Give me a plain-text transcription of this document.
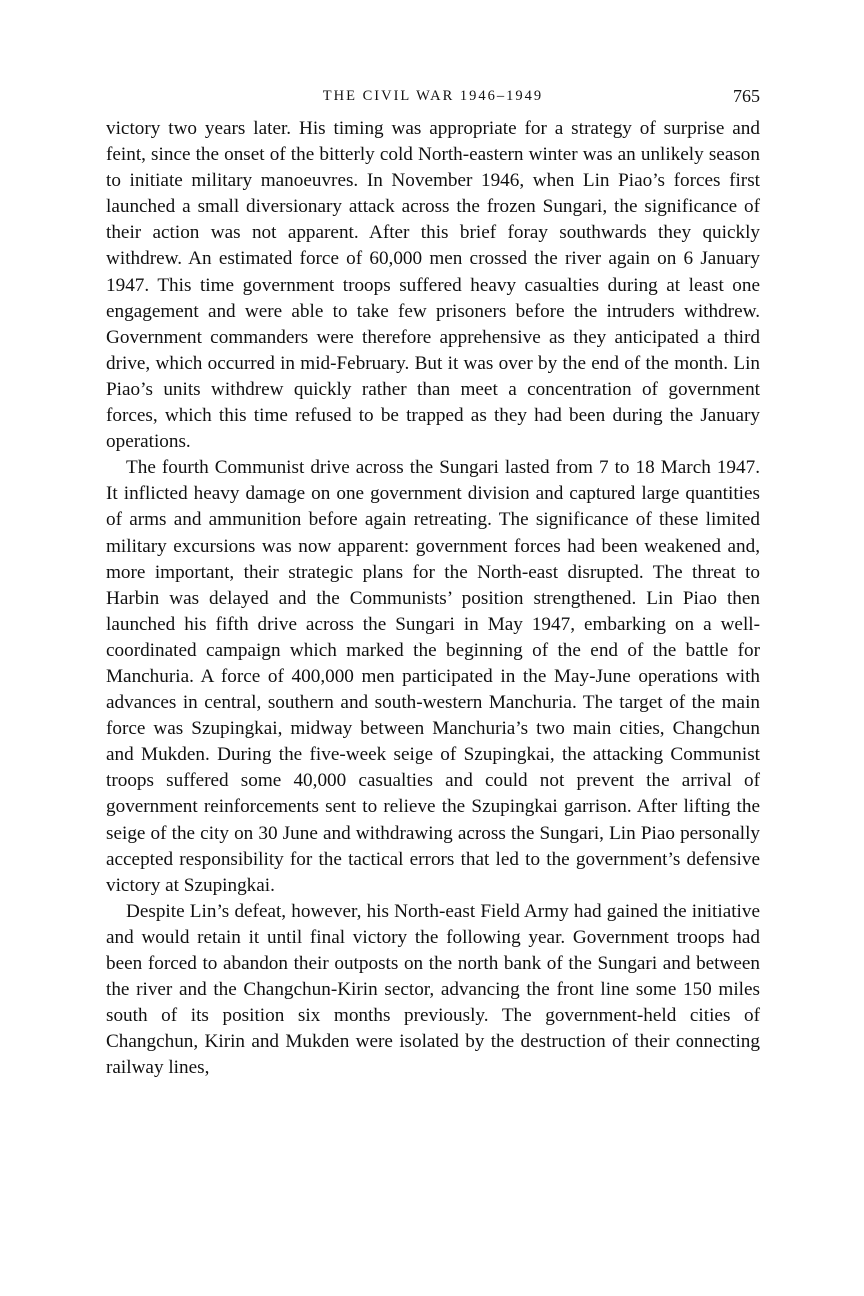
THE CIVIL WAR 1946–1949	765

victory two years later. His timing was appropriate for a strategy of surprise and feint, since the onset of the bitterly cold North-eastern winter was an unlikely season to initiate military manoeuvres. In November 1946, when Lin Piao’s forces first launched a small diversionary attack across the frozen Sungari, the significance of their action was not apparent. After this brief foray southwards they quickly withdrew. An estimated force of 60,000 men crossed the river again on 6 January 1947. This time government troops suffered heavy casualties during at least one engagement and were able to take few prisoners before the intruders withdrew. Government commanders were therefore apprehensive as they anticipated a third drive, which occurred in mid-February. But it was over by the end of the month. Lin Piao’s units withdrew quickly rather than meet a concentration of government forces, which this time refused to be trapped as they had been during the January operations.

The fourth Communist drive across the Sungari lasted from 7 to 18 March 1947. It inflicted heavy damage on one government division and captured large quantities of arms and ammunition before again retreating. The significance of these limited military excursions was now apparent: government forces had been weakened and, more important, their strategic plans for the North-east disrupted. The threat to Harbin was delayed and the Communists’ position strengthened. Lin Piao then launched his fifth drive across the Sungari in May 1947, embarking on a well-coordinated campaign which marked the beginning of the end of the battle for Manchuria. A force of 400,000 men participated in the May-June operations with advances in central, southern and south-western Manchuria. The target of the main force was Szupingkai, midway between Manchuria’s two main cities, Changchun and Mukden. During the five-week seige of Szupingkai, the attacking Communist troops suffered some 40,000 casualties and could not prevent the arrival of government reinforcements sent to relieve the Szupingkai garrison. After lifting the seige of the city on 30 June and withdrawing across the Sungari, Lin Piao personally accepted responsibility for the tactical errors that led to the government’s defensive victory at Szupingkai.

Despite Lin’s defeat, however, his North-east Field Army had gained the initiative and would retain it until final victory the following year. Government troops had been forced to abandon their outposts on the north bank of the Sungari and between the river and the Changchun-Kirin sector, advancing the front line some 150 miles south of its position six months previously. The government-held cities of Changchun, Kirin and Mukden were isolated by the destruction of their connecting railway lines,
